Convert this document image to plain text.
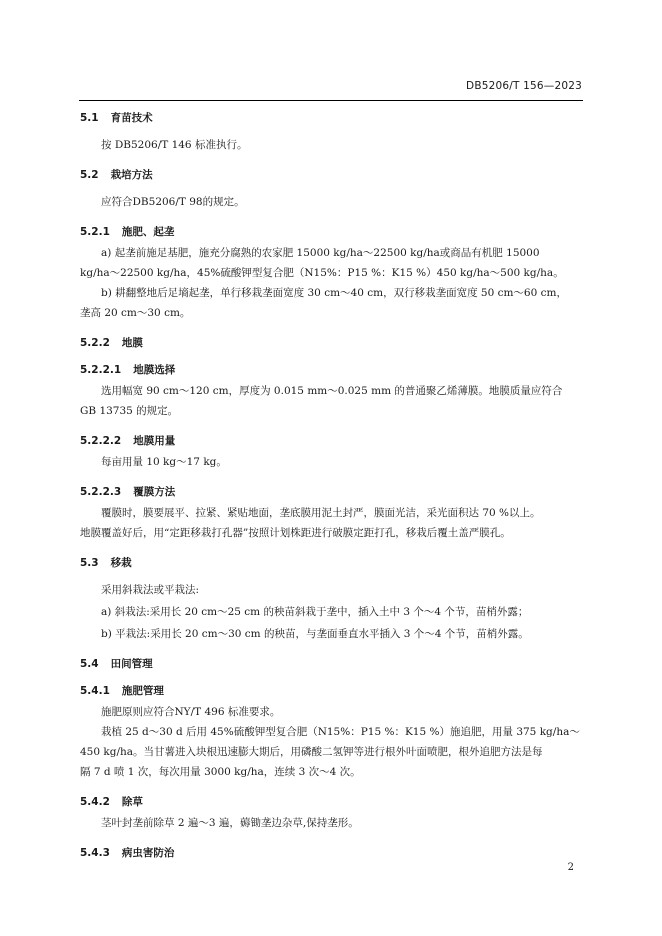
DB5206/T 156—2023

5.1 育苗技术

按 DB5206/T 146 标准执行。

5.2 栽培方法

应符合DB5206/T 98的规定。

5.2.1 施肥、起垄

a) 起垄前施足基肥，施充分腐熟的农家肥 15000 kg/ha～22500 kg/ha或商品有机肥 15000
kg/ha～22500 kg/ha，45%硫酸钾型复合肥（N15%：P15 %：K15 %）450 kg/ha～500 kg/ha。

b) 耕翻整地后足墒起垄，单行移栽垄面宽度 30 cm～40 cm，双行移栽垄面宽度 50 cm～60 cm，
垄高 20 cm～30 cm。

5.2.2 地膜

5.2.2.1 地膜选择

选用幅宽 90 cm～120 cm，厚度为 0.015 mm～0.025 mm 的普通聚乙烯薄膜。地膜质量应符合
GB 13735 的规定。

5.2.2.2 地膜用量

每亩用量 10 kg～17 kg。

5.2.2.3 覆膜方法

覆膜时，膜要展平、拉紧、紧贴地面，垄底膜用泥土封严，膜面光洁，采光面积达 70 %以上。
地膜覆盖好后，用“定距移栽打孔器”按照计划株距进行破膜定距打孔，移栽后覆土盖严膜孔。

5.3 移栽

采用斜栽法或平栽法:

a) 斜栽法:采用长 20 cm～25 cm 的秧苗斜栽于垄中，插入土中 3 个～4 个节，苗梢外露；

b) 平栽法:采用长 20 cm～30 cm 的秧苗，与垄面垂直水平插入 3 个～4 个节，苗梢外露。

5.4 田间管理

5.4.1 施肥管理

施肥原则应符合NY/T 496 标准要求。

栽植 25 d～30 d 后用 45%硫酸钾型复合肥（N15%：P15 %：K15 %）施追肥，用量 375 kg/ha～
450 kg/ha。当甘薯进入块根迅速膨大期后，用磷酸二氢钾等进行根外叶面喷肥，根外追肥方法是每
隔 7 d 喷 1 次，每次用量 3000 kg/ha，连续 3 次～4 次。

5.4.2 除草

茎叶封垄前除草 2 遍～3 遍，薅锄垄边杂草,保持垄形。

5.4.3 病虫害防治

2
